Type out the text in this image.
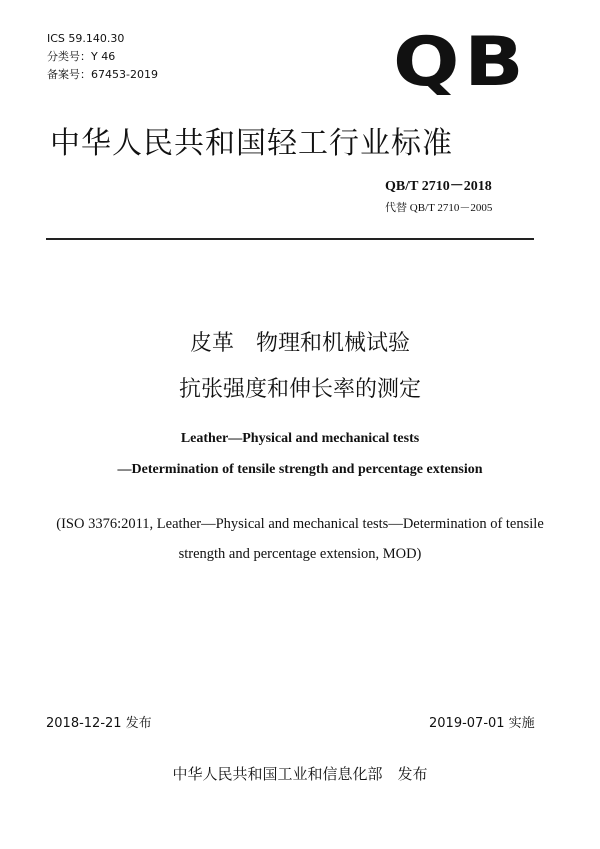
ICS 59.140.30
分类号：Y 46
备案号：67453-2019	QB
中华人民共和国轻工行业标准
QB/T 2710－2018
代替 QB/T 2710－2005
皮革　物理和机械试验
抗张强度和伸长率的测定
Leather—Physical and mechanical tests
—Determination of tensile strength and percentage extension
(ISO 3376:2011, Leather—Physical and mechanical tests—Determination of tensile
strength and percentage extension, MOD)
2018-12-21 发布	2019-07-01 实施
中华人民共和国工业和信息化部　发布
